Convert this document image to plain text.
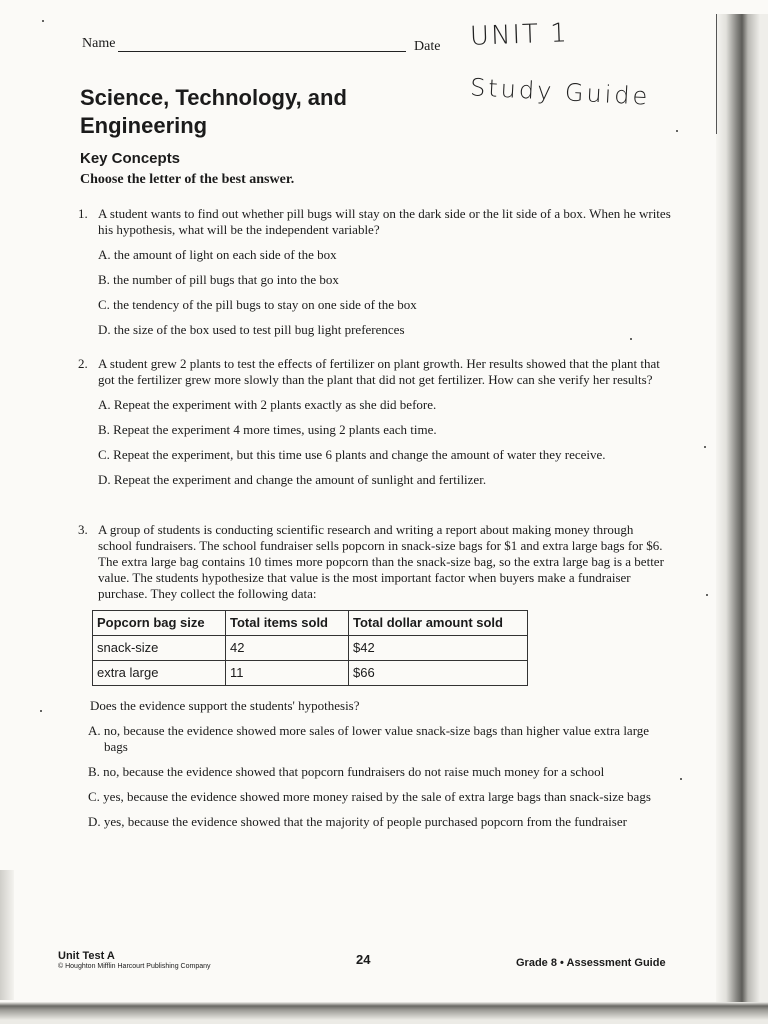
Name	Date UNIT 1
Study Guide
Science, Technology, and Engineering
Key Concepts
Choose the letter of the best answer.
1. A student wants to find out whether pill bugs will stay on the dark side or the lit side of a box. When he writes his hypothesis, what will be the independent variable?
A. the amount of light on each side of the box
B. the number of pill bugs that go into the box
C. the tendency of the pill bugs to stay on one side of the box
D. the size of the box used to test pill bug light preferences
2. A student grew 2 plants to test the effects of fertilizer on plant growth. Her results showed that the plant that got the fertilizer grew more slowly than the plant that did not get fertilizer. How can she verify her results?
A. Repeat the experiment with 2 plants exactly as she did before.
B. Repeat the experiment 4 more times, using 2 plants each time.
C. Repeat the experiment, but this time use 6 plants and change the amount of water they receive.
D. Repeat the experiment and change the amount of sunlight and fertilizer.
3. A group of students is conducting scientific research and writing a report about making money through school fundraisers. The school fundraiser sells popcorn in snack-size bags for $1 and extra large bags for $6. The extra large bag contains 10 times more popcorn than the snack-size bag, so the extra large bag is a better value. The students hypothesize that value is the most important factor when buyers make a fundraiser purchase. They collect the following data:
Popcorn bag size	Total items sold	Total dollar amount sold
snack-size	42	$42
extra large	11	$66
Does the evidence support the students' hypothesis?
A. no, because the evidence showed more sales of lower value snack-size bags than higher value extra large bags
B. no, because the evidence showed that popcorn fundraisers do not raise much money for a school
C. yes, because the evidence showed more money raised by the sale of extra large bags than snack-size bags
D. yes, because the evidence showed that the majority of people purchased popcorn from the fundraiser
Unit Test A
© Houghton Mifflin Harcourt Publishing Company	24	Grade 8 • Assessment Guide
